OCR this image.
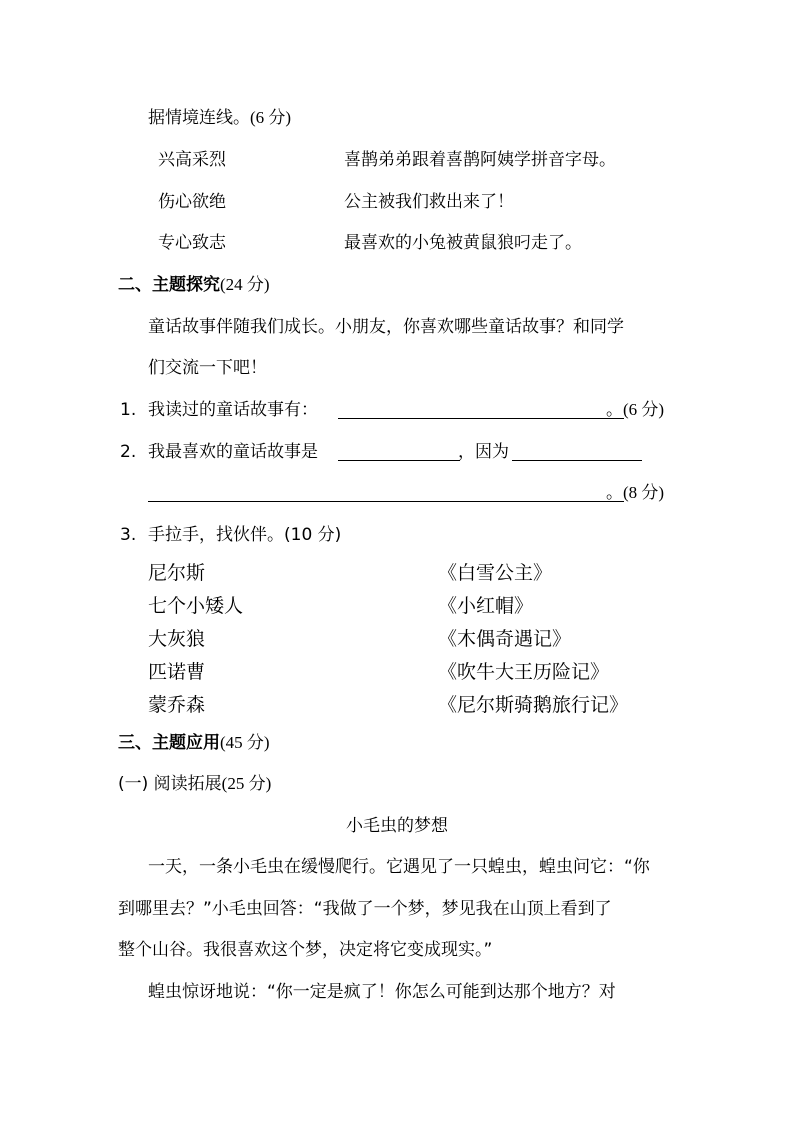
据情境连线。(6 分)
兴高采烈
伤心欲绝
专心致志
喜鹊弟弟跟着喜鹊阿姨学拼音字母。
公主被我们救出来了！
最喜欢的小兔被黄鼠狼叼走了。
二、主题探究(24 分)
童话故事伴随我们成长。小朋友，你喜欢哪些童话故事？和同学
们交流一下吧！
1. 我读过的童话故事有：	。(6 分)
2. 我最喜欢的童话故事是	，因为
。(8 分)
3. 手拉手，找伙伴。(10 分)
尼尔斯
七个小矮人
大灰狼
匹诺曹
蒙乔森
《白雪公主》
《小红帽》
《木偶奇遇记》
《吹牛大王历险记》
《尼尔斯骑鹅旅行记》
三、主题应用(45 分)
(一) 阅读拓展(25 分)
小毛虫的梦想
一天，一条小毛虫在缓慢爬行。它遇见了一只蝗虫，蝗虫问它：“你
到哪里去？”小毛虫回答：“我做了一个梦，梦见我在山顶上看到了
整个山谷。我很喜欢这个梦，决定将它变成现实。”
蝗虫惊讶地说：“你一定是疯了！你怎么可能到达那个地方？对
